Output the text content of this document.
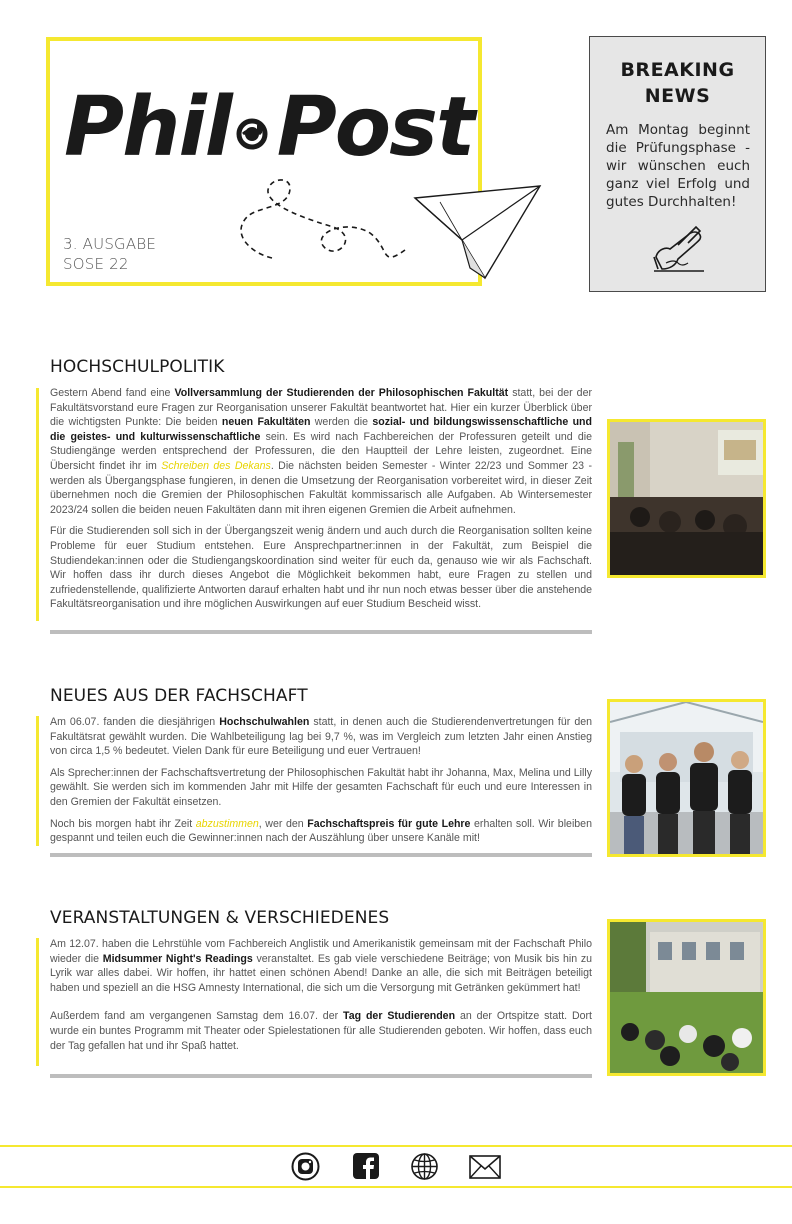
Phil Post
3. AUSGABE
SOSE 22
BREAKING
NEWS
Am Montag beginnt die Prüfungsphase - wir wünschen euch ganz viel Erfolg und gutes Durchhalten!
HOCHSCHULPOLITIK

Gestern Abend fand eine Vollversammlung der Studierenden der Philosophischen Fakultät statt, bei der der Fakultätsvorstand eure Fragen zur Reorganisation unserer Fakultät beantwortet hat. Hier ein kurzer Überblick über die wichtigsten Punkte: Die beiden neuen Fakultäten werden die sozial- und bildungswissenschaftliche und die geistes- und kulturwissenschaftliche sein. Es wird nach Fachbereichen der Professuren geteilt und die Studiengänge werden entsprechend der Professuren, die den Hauptteil der Lehre leisten, zugeordnet. Eine Übersicht findet ihr im Schreiben des Dekans. Die nächsten beiden Semester - Winter 22/23 und Sommer 23 - werden als Übergangsphase fungieren, in denen die Umsetzung der Reorganisation vorbereitet wird, in dieser Zeit übernehmen noch die Gremien der Philosophischen Fakultät kommissarisch alle Aufgaben. Ab Wintersemester 2023/24 sollen die beiden neuen Fakultäten dann mit ihren eigenen Gremien die Arbeit aufnehmen.

Für die Studierenden soll sich in der Übergangszeit wenig ändern und auch durch die Reorganisation sollten keine Probleme für euer Studium entstehen. Eure Ansprechpartner:innen in der Fakultät, zum Beispiel die Studiendekan:innen oder die Studiengangskoordination sind weiter für euch da, genauso wie wir als Fachschaft. Wir hoffen dass ihr durch dieses Angebot die Möglichkeit bekommen habt, eure Fragen zu stellen und zufriedenstellende, qualifizierte Antworten darauf erhalten habt und ihr nun noch etwas besser über die anstehende Fakultätsreorganisation und ihre möglichen Auswirkungen auf euer Studium Bescheid wisst.

NEUES AUS DER FACHSCHAFT

Am 06.07. fanden die diesjährigen Hochschulwahlen statt, in denen auch die Studierendenvertretungen für den Fakultätsrat gewählt wurden. Die Wahlbeteiligung lag bei 9,7 %, was im Vergleich zum letzten Jahr einen Anstieg von circa 1,5 % bedeutet. Vielen Dank für eure Beteiligung und euer Vertrauen!

Als Sprecher:innen der Fachschaftsvertretung der Philosophischen Fakultät habt ihr Johanna, Max, Melina und Lilly gewählt. Sie werden sich im kommenden Jahr mit Hilfe der gesamten Fachschaft für euch und eure Interessen in den Gremien der Fakultät einsetzen.

Noch bis morgen habt ihr Zeit abzustimmen, wer den Fachschaftspreis für gute Lehre erhalten soll. Wir bleiben gespannt und teilen euch die Gewinner:innen nach der Auszählung über unsere Kanäle mit!

VERANSTALTUNGEN & VERSCHIEDENES

Am 12.07. haben die Lehrstühle vom Fachbereich Anglistik und Amerikanistik gemeinsam mit der Fachschaft Philo wieder die Midsummer Night's Readings veranstaltet. Es gab viele verschiedene Beiträge; von Musik bis hin zu Lyrik war alles dabei. Wir hoffen, ihr hattet einen schönen Abend! Danke an alle, die sich mit Beiträgen beteiligt haben und speziell an die HSG Amnesty International, die sich um die Versorgung mit Getränken gekümmert hat!

Außerdem fand am vergangenen Samstag dem 16.07. der Tag der Studierenden an der Ortspitze statt. Dort wurde ein buntes Programm mit Theater oder Spielestationen für alle Studierenden geboten. Wir hoffen, dass euch der Tag gefallen hat und ihr Spaß hattet.
